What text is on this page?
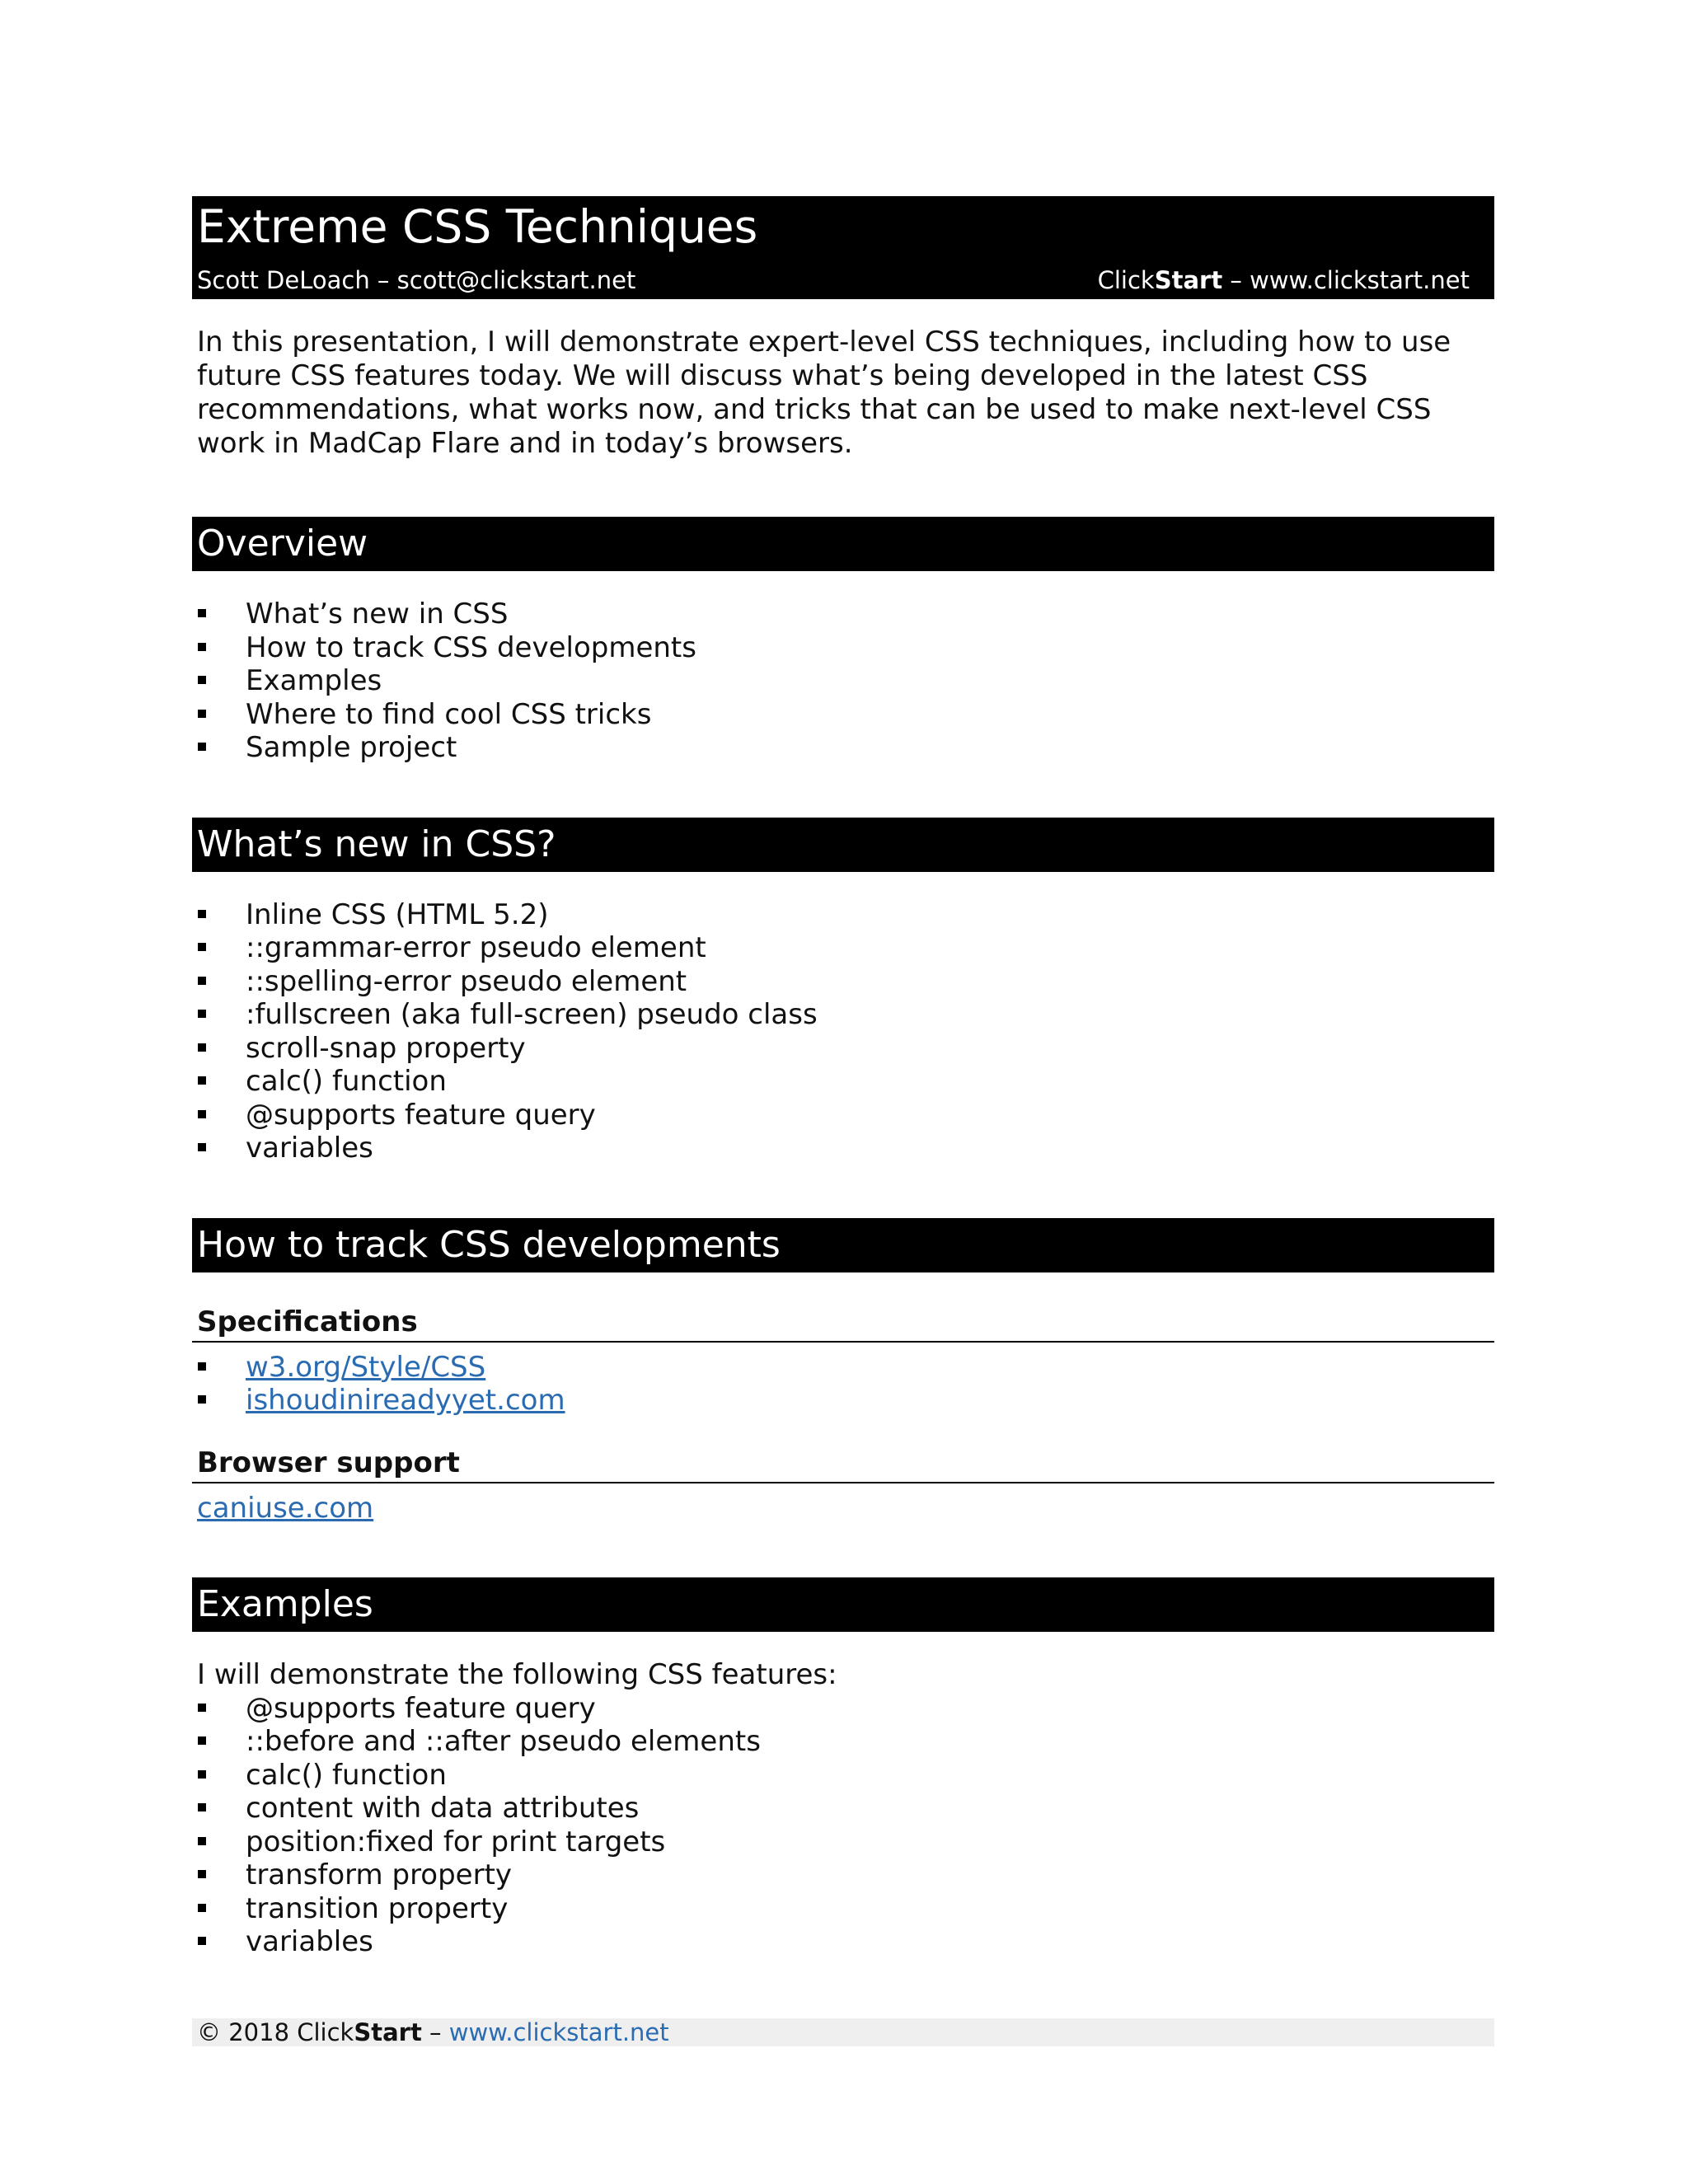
Extreme CSS Techniques
Scott DeLoach – scott@clickstart.net	ClickStart – www.clickstart.net
In this presentation, I will demonstrate expert-level CSS techniques, including how to use future CSS features today. We will discuss what’s being developed in the latest CSS recommendations, what works now, and tricks that can be used to make next-level CSS work in MadCap Flare and in today’s browsers.
Overview
What’s new in CSS
How to track CSS developments
Examples
Where to find cool CSS tricks
Sample project
What’s new in CSS?
Inline CSS (HTML 5.2)
::grammar-error pseudo element
::spelling-error pseudo element
:fullscreen (aka full-screen) pseudo class
scroll-snap property
calc() function
@supports feature query
variables
How to track CSS developments
Specifications
w3.org/Style/CSS
ishoudinireadyyet.com
Browser support
caniuse.com
Examples
I will demonstrate the following CSS features:
@supports feature query
::before and ::after pseudo elements
calc() function
content with data attributes
position:fixed for print targets
transform property
transition property
variables
© 2018 ClickStart – www.clickstart.net
